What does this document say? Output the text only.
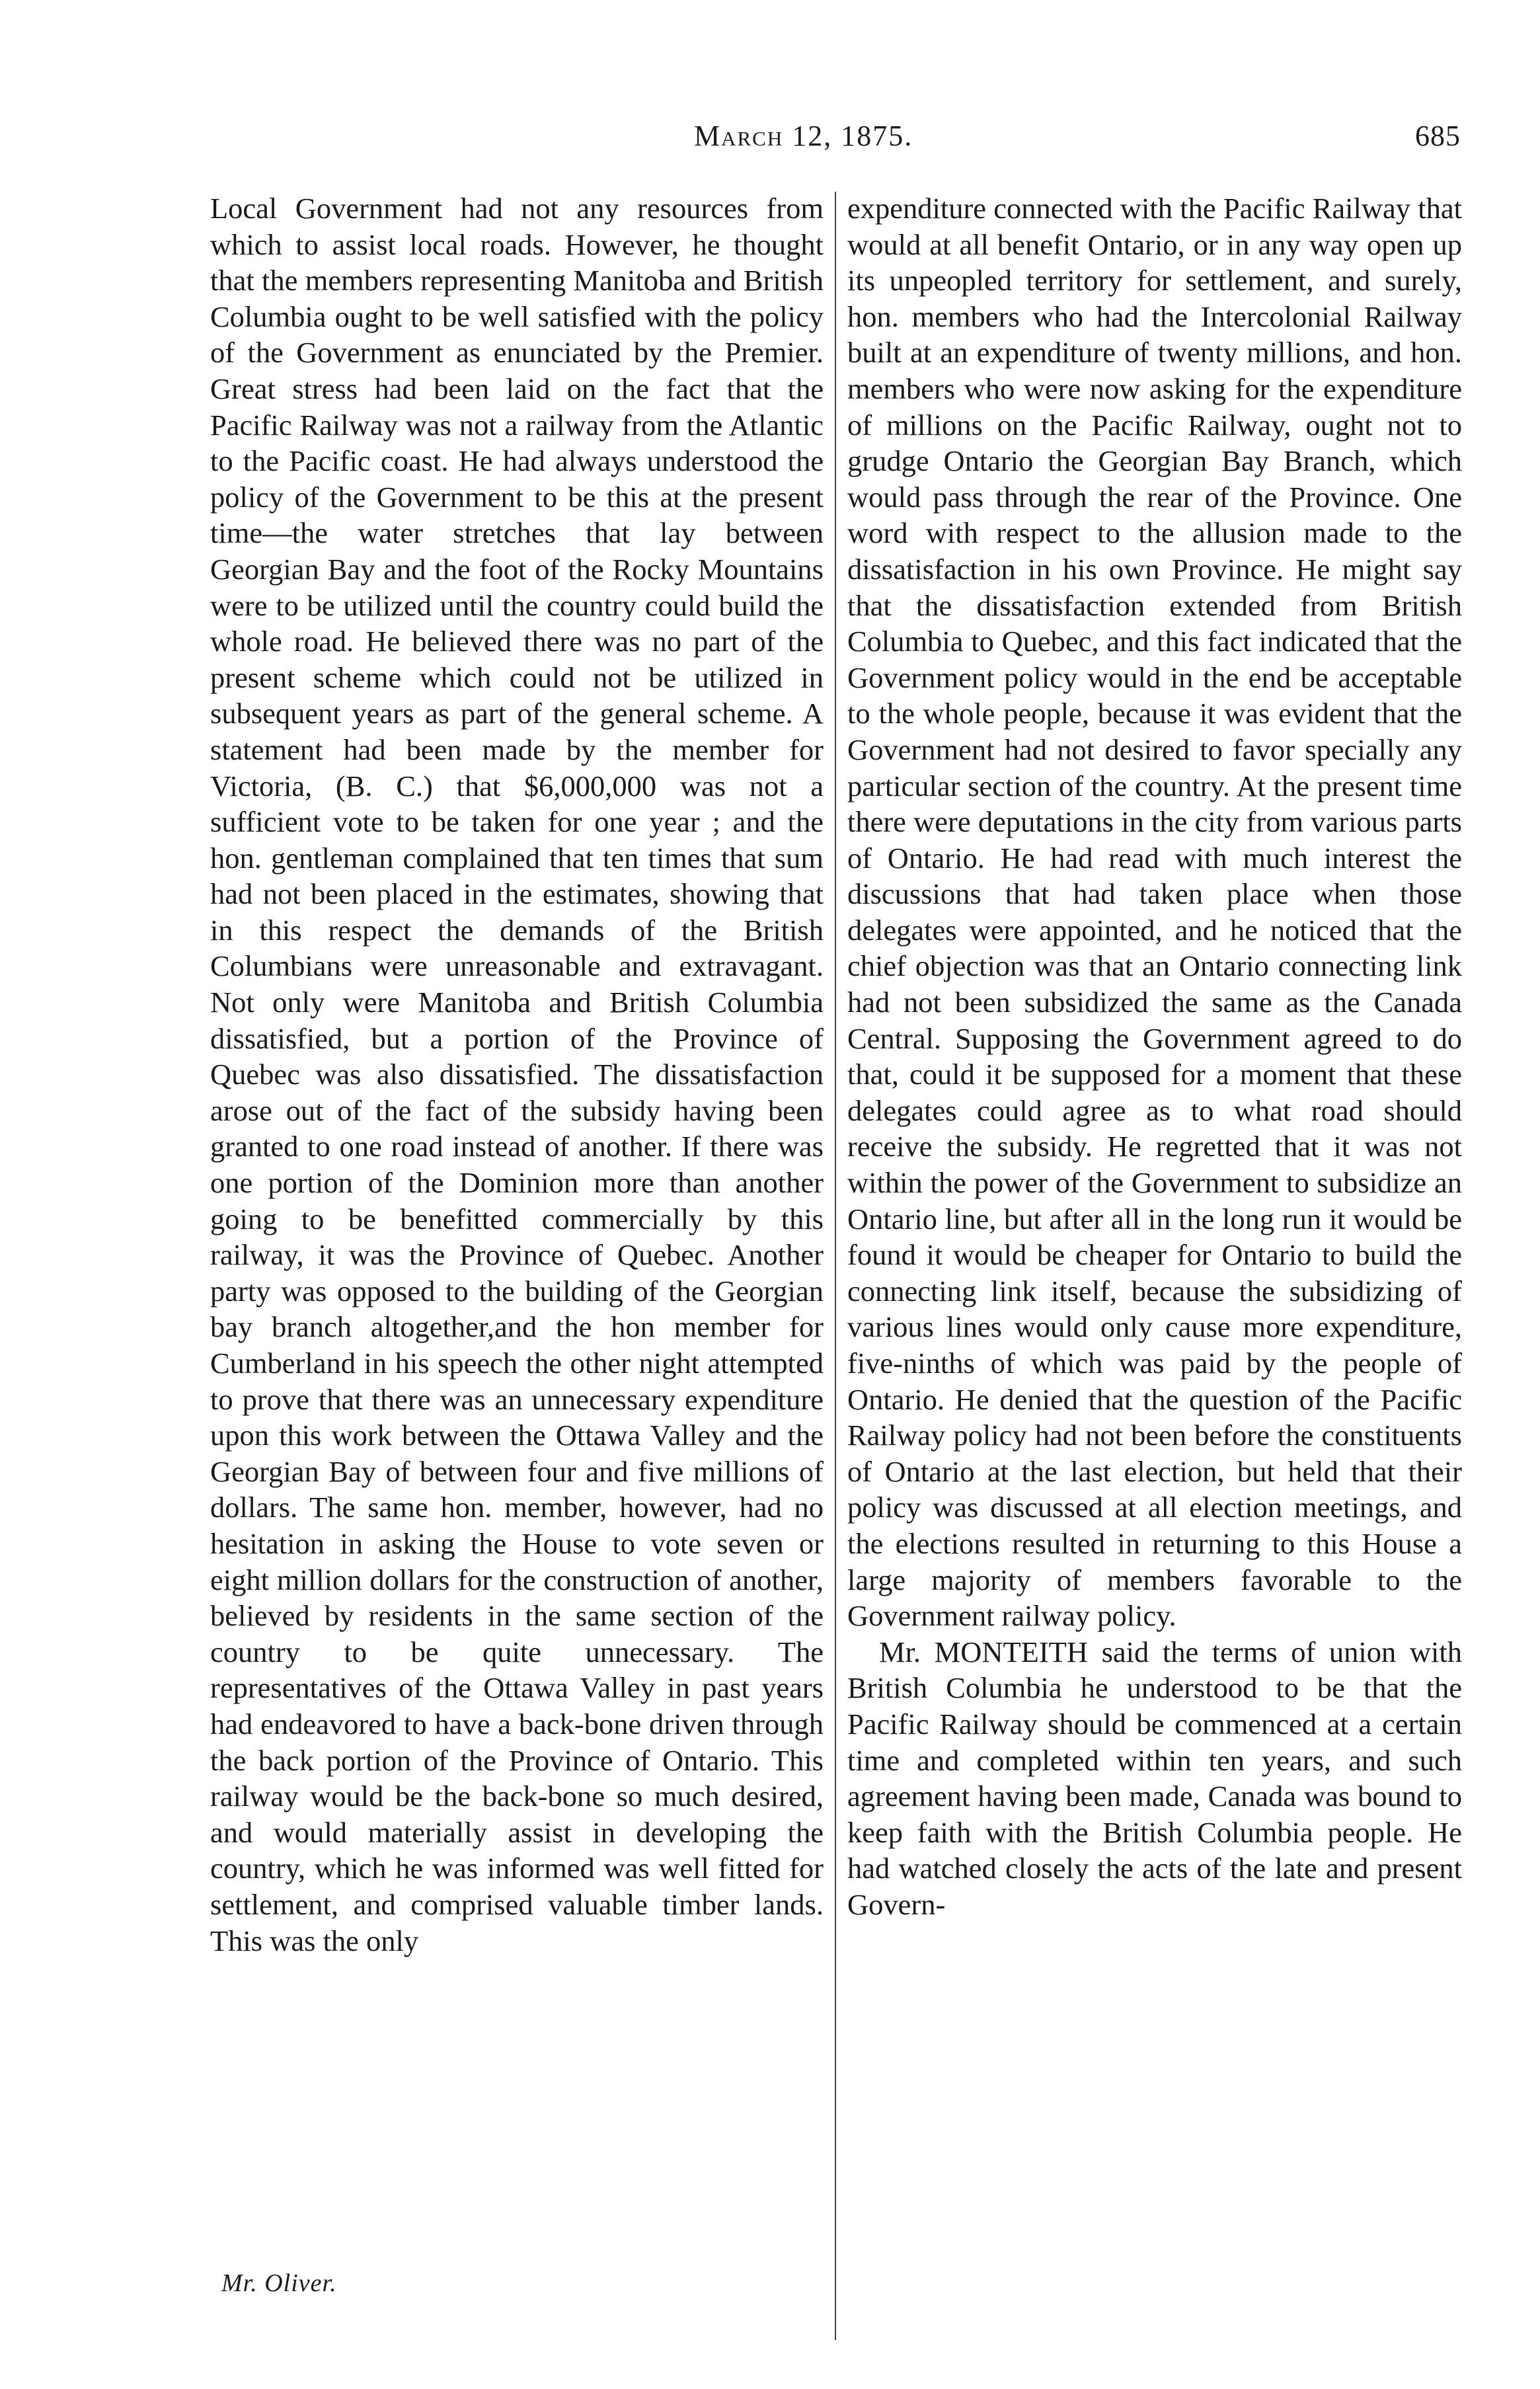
March 12, 1875.	685

Local Government had not any resources from which to assist local roads. However, he thought that the members representing Manitoba and British Columbia ought to be well satisfied with the policy of the Government as enunciated by the Premier. Great stress had been laid on the fact that the Pacific Railway was not a railway from the Atlantic to the Pacific coast. He had always understood the policy of the Government to be this at the present time—the water stretches that lay between Georgian Bay and the foot of the Rocky Mountains were to be utilized until the country could build the whole road. He believed there was no part of the present scheme which could not be utilized in subsequent years as part of the general scheme. A statement had been made by the member for Victoria, (B. C.) that $6,000,000 was not a sufficient vote to be taken for one year ; and the hon. gentleman complained that ten times that sum had not been placed in the estimates, showing that in this respect the demands of the British Columbians were unreasonable and extravagant. Not only were Manitoba and British Columbia dissatisfied, but a portion of the Province of Quebec was also dissatisfied. The dissatisfaction arose out of the fact of the subsidy having been granted to one road instead of another. If there was one portion of the Dominion more than another going to be benefitted commercially by this railway, it was the Province of Quebec. Another party was opposed to the building of the Georgian bay branch altogether,and the hon member for Cumberland in his speech the other night attempted to prove that there was an unnecessary expenditure upon this work between the Ottawa Valley and the Georgian Bay of between four and five millions of dollars. The same hon. member, however, had no hesitation in asking the House to vote seven or eight million dollars for the construction of another, believed by residents in the same section of the country to be quite unnecessary. The representatives of the Ottawa Valley in past years had endeavored to have a back-bone driven through the back portion of the Province of Ontario. This railway would be the back-bone so much desired, and would materially assist in developing the country, which he was informed was well fitted for settlement, and comprised valuable timber lands. This was the only

expenditure connected with the Pacific Railway that would at all benefit Ontario, or in any way open up its unpeopled territory for settlement, and surely, hon. members who had the Intercolonial Railway built at an expenditure of twenty millions, and hon. members who were now asking for the expenditure of millions on the Pacific Railway, ought not to grudge Ontario the Georgian Bay Branch, which would pass through the rear of the Province. One word with respect to the allusion made to the dissatisfaction in his own Province. He might say that the dissatisfaction extended from British Columbia to Quebec, and this fact indicated that the Government policy would in the end be acceptable to the whole people, because it was evident that the Government had not desired to favor specially any particular section of the country. At the present time there were deputations in the city from various parts of Ontario. He had read with much interest the discussions that had taken place when those delegates were appointed, and he noticed that the chief objection was that an Ontario connecting link had not been subsidized the same as the Canada Central. Supposing the Government agreed to do that, could it be supposed for a moment that these delegates could agree as to what road should receive the subsidy. He regretted that it was not within the power of the Government to subsidize an Ontario line, but after all in the long run it would be found it would be cheaper for Ontario to build the connecting link itself, because the subsidizing of various lines would only cause more expenditure, five-ninths of which was paid by the people of Ontario. He denied that the question of the Pacific Railway policy had not been before the constituents of Ontario at the last election, but held that their policy was discussed at all election meetings, and the elections resulted in returning to this House a large majority of members favorable to the Government railway policy.

Mr. MONTEITH said the terms of union with British Columbia he understood to be that the Pacific Railway should be commenced at a certain time and completed within ten years, and such agreement having been made, Canada was bound to keep faith with the British Columbia people. He had watched closely the acts of the late and present Govern-

Mr. Oliver.
